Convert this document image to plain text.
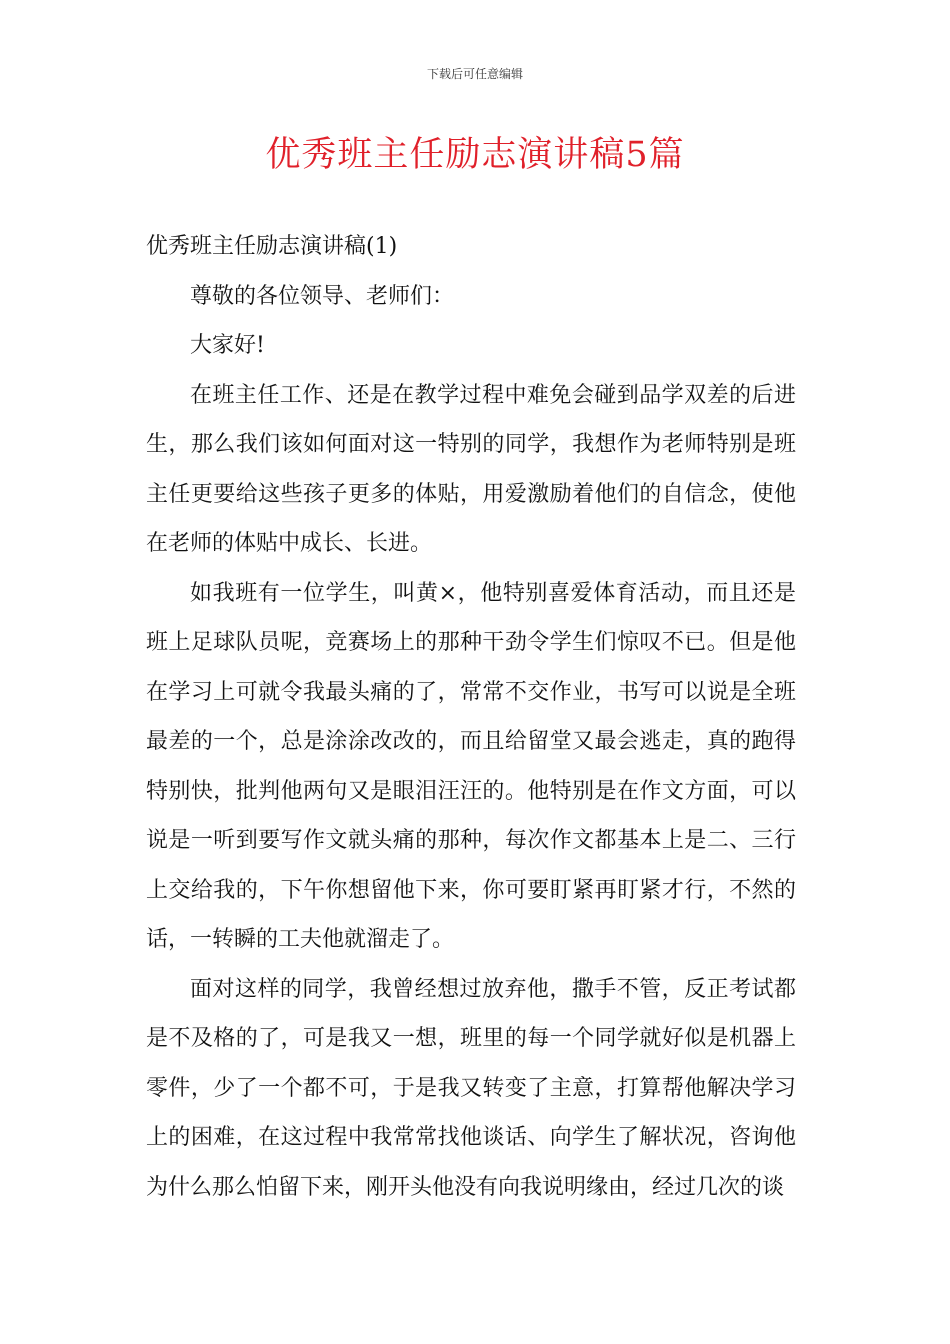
下载后可任意编辑
优秀班主任励志演讲稿5篇

优秀班主任励志演讲稿(1)

尊敬的各位领导、老师们：

大家好!

在班主任工作、还是在教学过程中难免会碰到品学双差的后进生，那么我们该如何面对这一特别的同学，我想作为老师特别是班主任更要给这些孩子更多的体贴，用爱激励着他们的自信念，使他在老师的体贴中成长、长进。

如我班有一位学生，叫黄×，他特别喜爱体育活动，而且还是班上足球队员呢，竞赛场上的那种干劲令学生们惊叹不已。但是他在学习上可就令我最头痛的了，常常不交作业，书写可以说是全班最差的一个，总是涂涂改改的，而且给留堂又最会逃走，真的跑得特别快，批判他两句又是眼泪汪汪的。他特别是在作文方面，可以说是一听到要写作文就头痛的那种，每次作文都基本上是二、三行上交给我的，下午你想留他下来，你可要盯紧再盯紧才行，不然的话，一转瞬的工夫他就溜走了。

面对这样的同学，我曾经想过放弃他，撒手不管，反正考试都是不及格的了，可是我又一想，班里的每一个同学就好似是机器上零件，少了一个都不可，于是我又转变了主意，打算帮他解决学习上的困难，在这过程中我常常找他谈话、向学生了解状况，咨询他为什么那么怕留下来，刚开头他没有向我说明缘由，经过几次的谈
